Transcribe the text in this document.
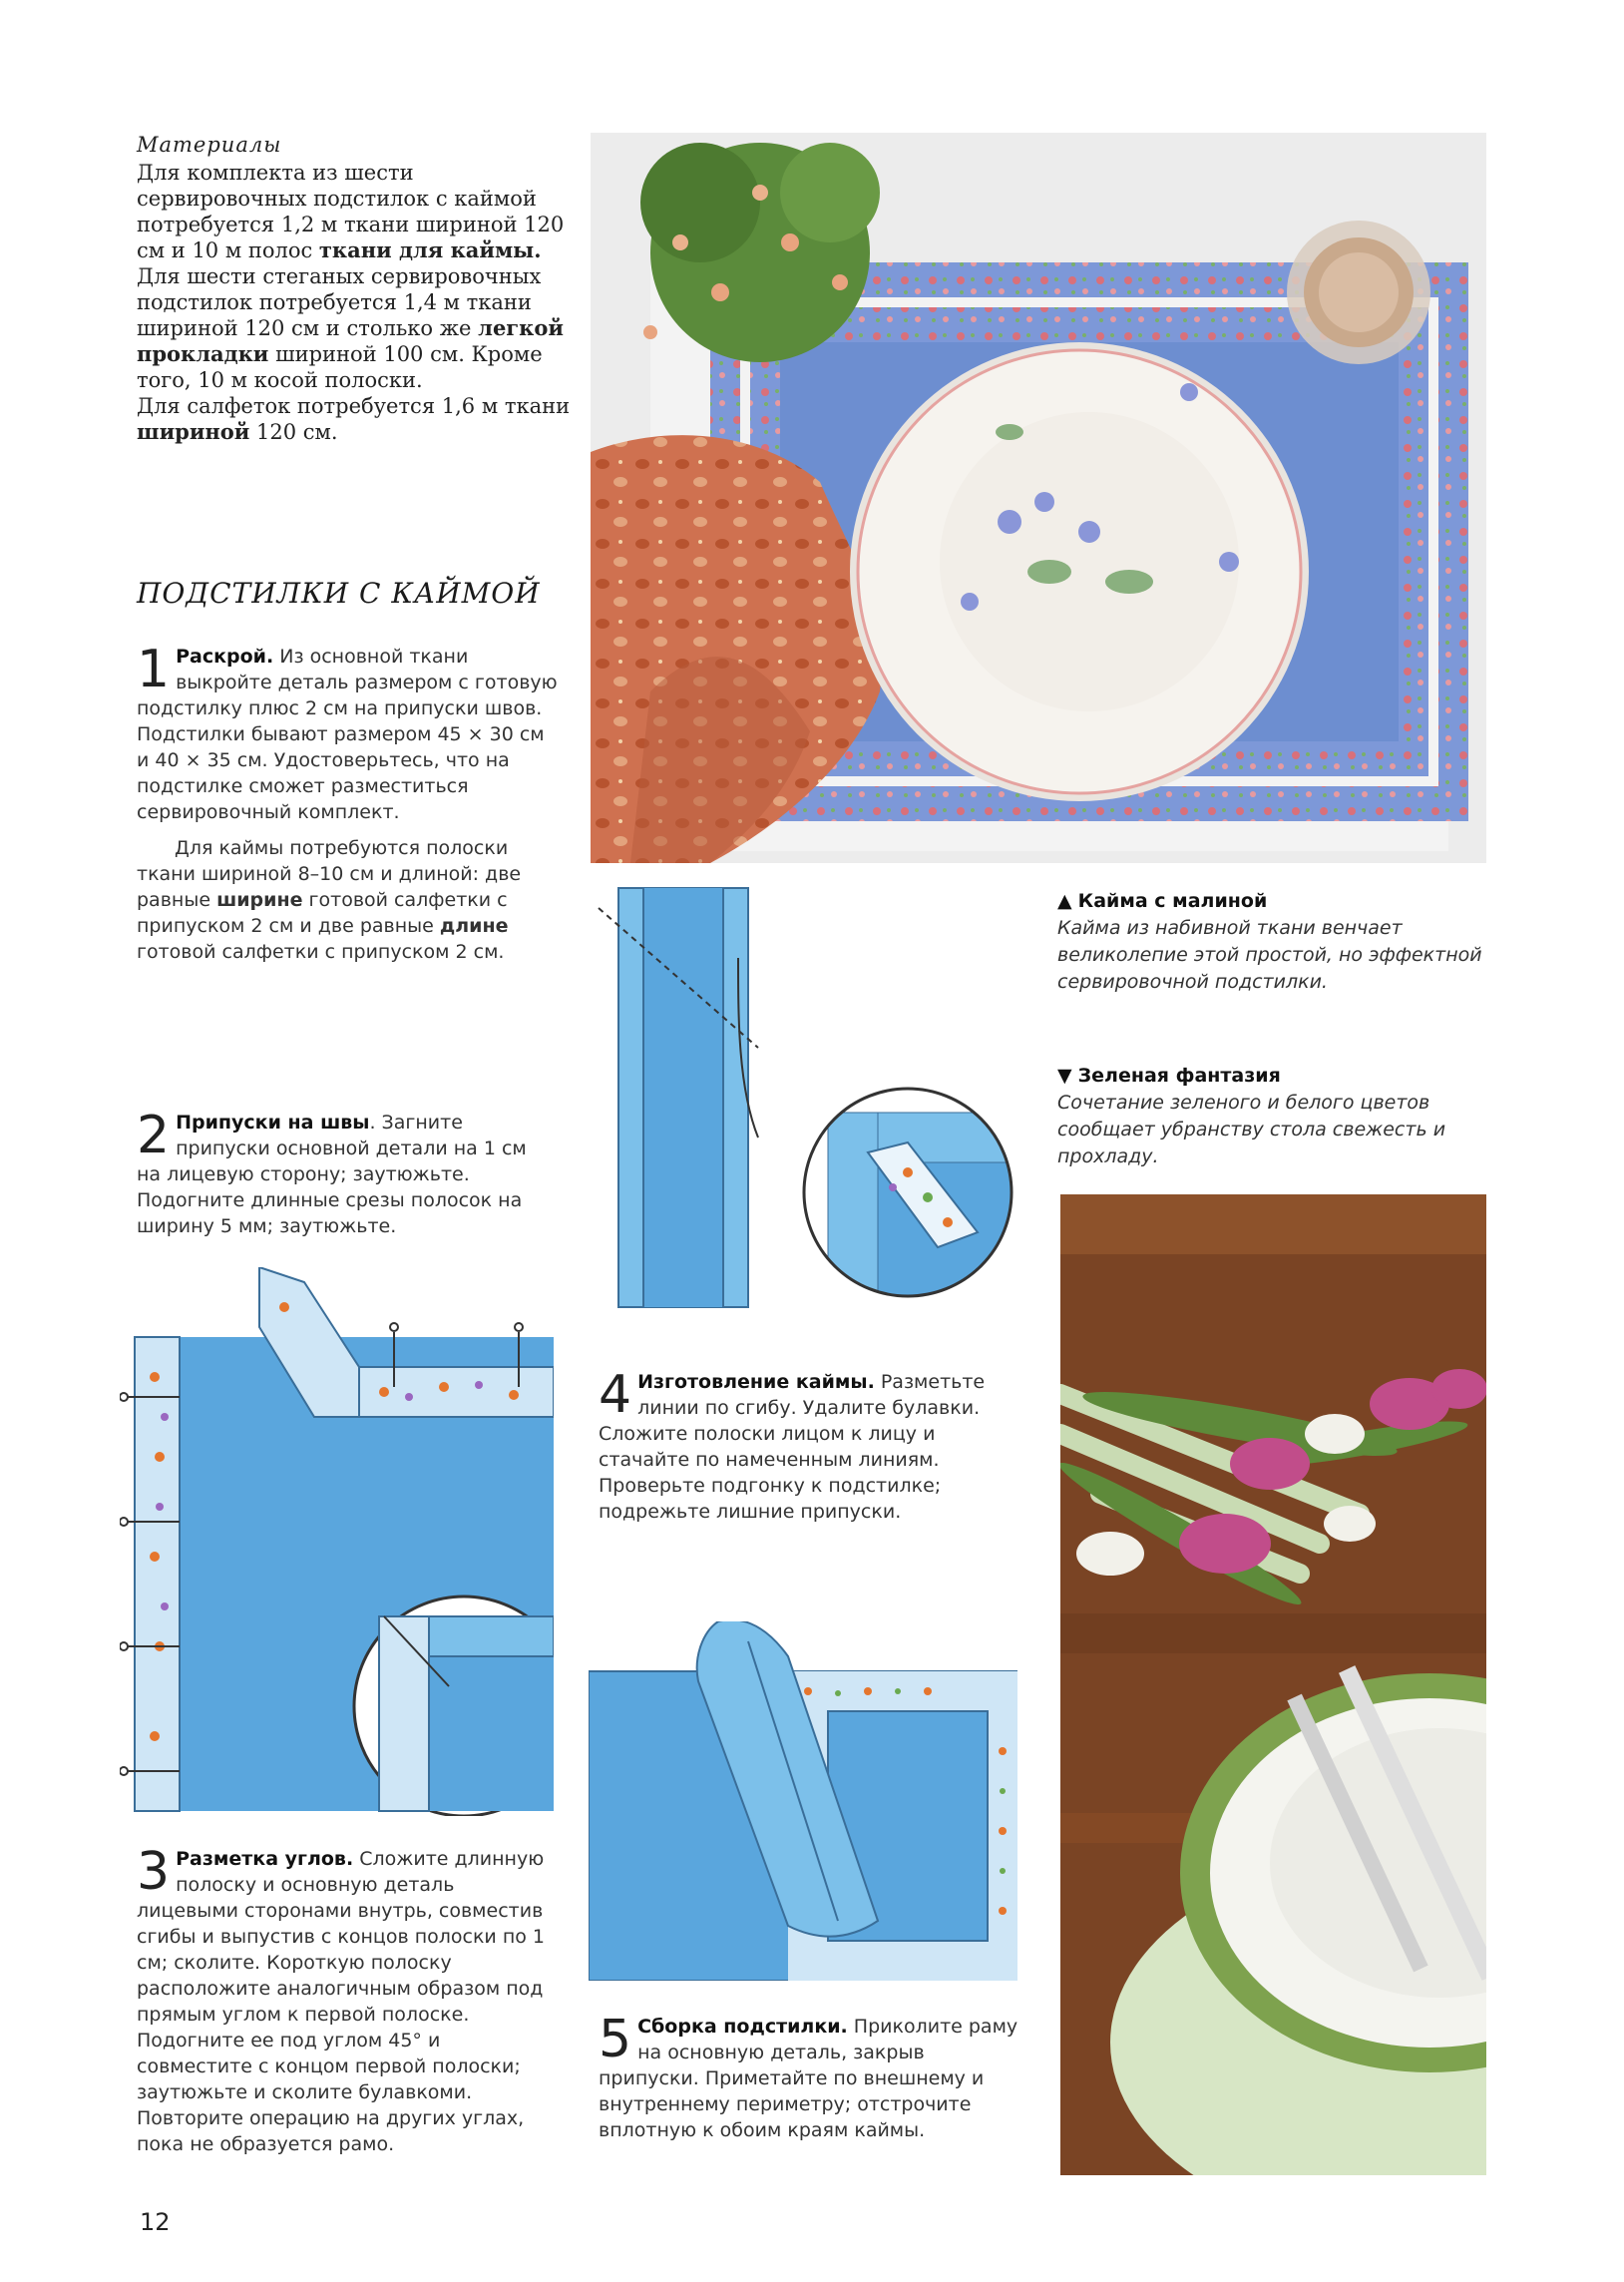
Материалы

Для комплекта из шести сервировочных подстилок с каймой потребуется 1,2 м ткани шириной 120 см и 10 м полос ткани для каймы.

Для шести стеганых сервировочных подстилок потребуется 1,4 м ткани шириной 120 см и столько же легкой прокладки шириной 100 см. Кроме того, 10 м косой полоски.

Для салфеток потребуется 1,6 м ткани шириной 120 см.

ПОДСТИЛКИ С КАЙМОЙ
1 Раскрой. Из основной ткани выкройте деталь размером с готовую подстилку плюс 2 см на припуски швов. Подстилки бывают размером 45 × 30 см и 40 × 35 см. Удостоверьтесь, что на подстилке сможет разместиться сервировочный комплект.

Для каймы потребуются полоски ткани шириной 8–10 см и длиной: две равные ширине готовой салфетки с припуском 2 см и две равные длине готовой салфетки с припуском 2 см.

2 Припуски на швы. Загните припуски основной детали на 1 см на лицевую сторону; заутюжьте. Подогните длинные срезы полосок на ширину 5 мм; заутюжьте.

3 Разметка углов. Сложите длинную полоску и основную деталь лицевыми сторонами внутрь, совместив сгибы и выпустив с концов полоски по 1 см; сколите. Короткую полоску расположите аналогичным образом под прямым углом к первой полоске. Подогните ее под углом 45° и совместите с концом первой полоски; заутюжьте и сколите булавкоми. Повторите операцию на других углах, пока не образуется рамо.

4 Изготовление каймы. Разметьте линии по сгибу. Удалите булавки. Сложите полоски лицом к лицу и стачайте по намеченным линиям. Проверьте подгонку к подстилке; подрежьте лишние припуски.

5 Сборка подстилки. Приколите раму на основную деталь, закрыв припуски. Приметайте по внешнему и внутреннему периметру; отстрочите вплотную к обоим краям каймы.

▲ Кайма с малиной
Кайма из набивной ткани венчает великолепие этой простой, но эффектной сервировочной подстилки.
▼ Зеленая фантазия
Сочетание зеленого и белого цветов сообщает убранству стола свежесть и прохладу.
12
